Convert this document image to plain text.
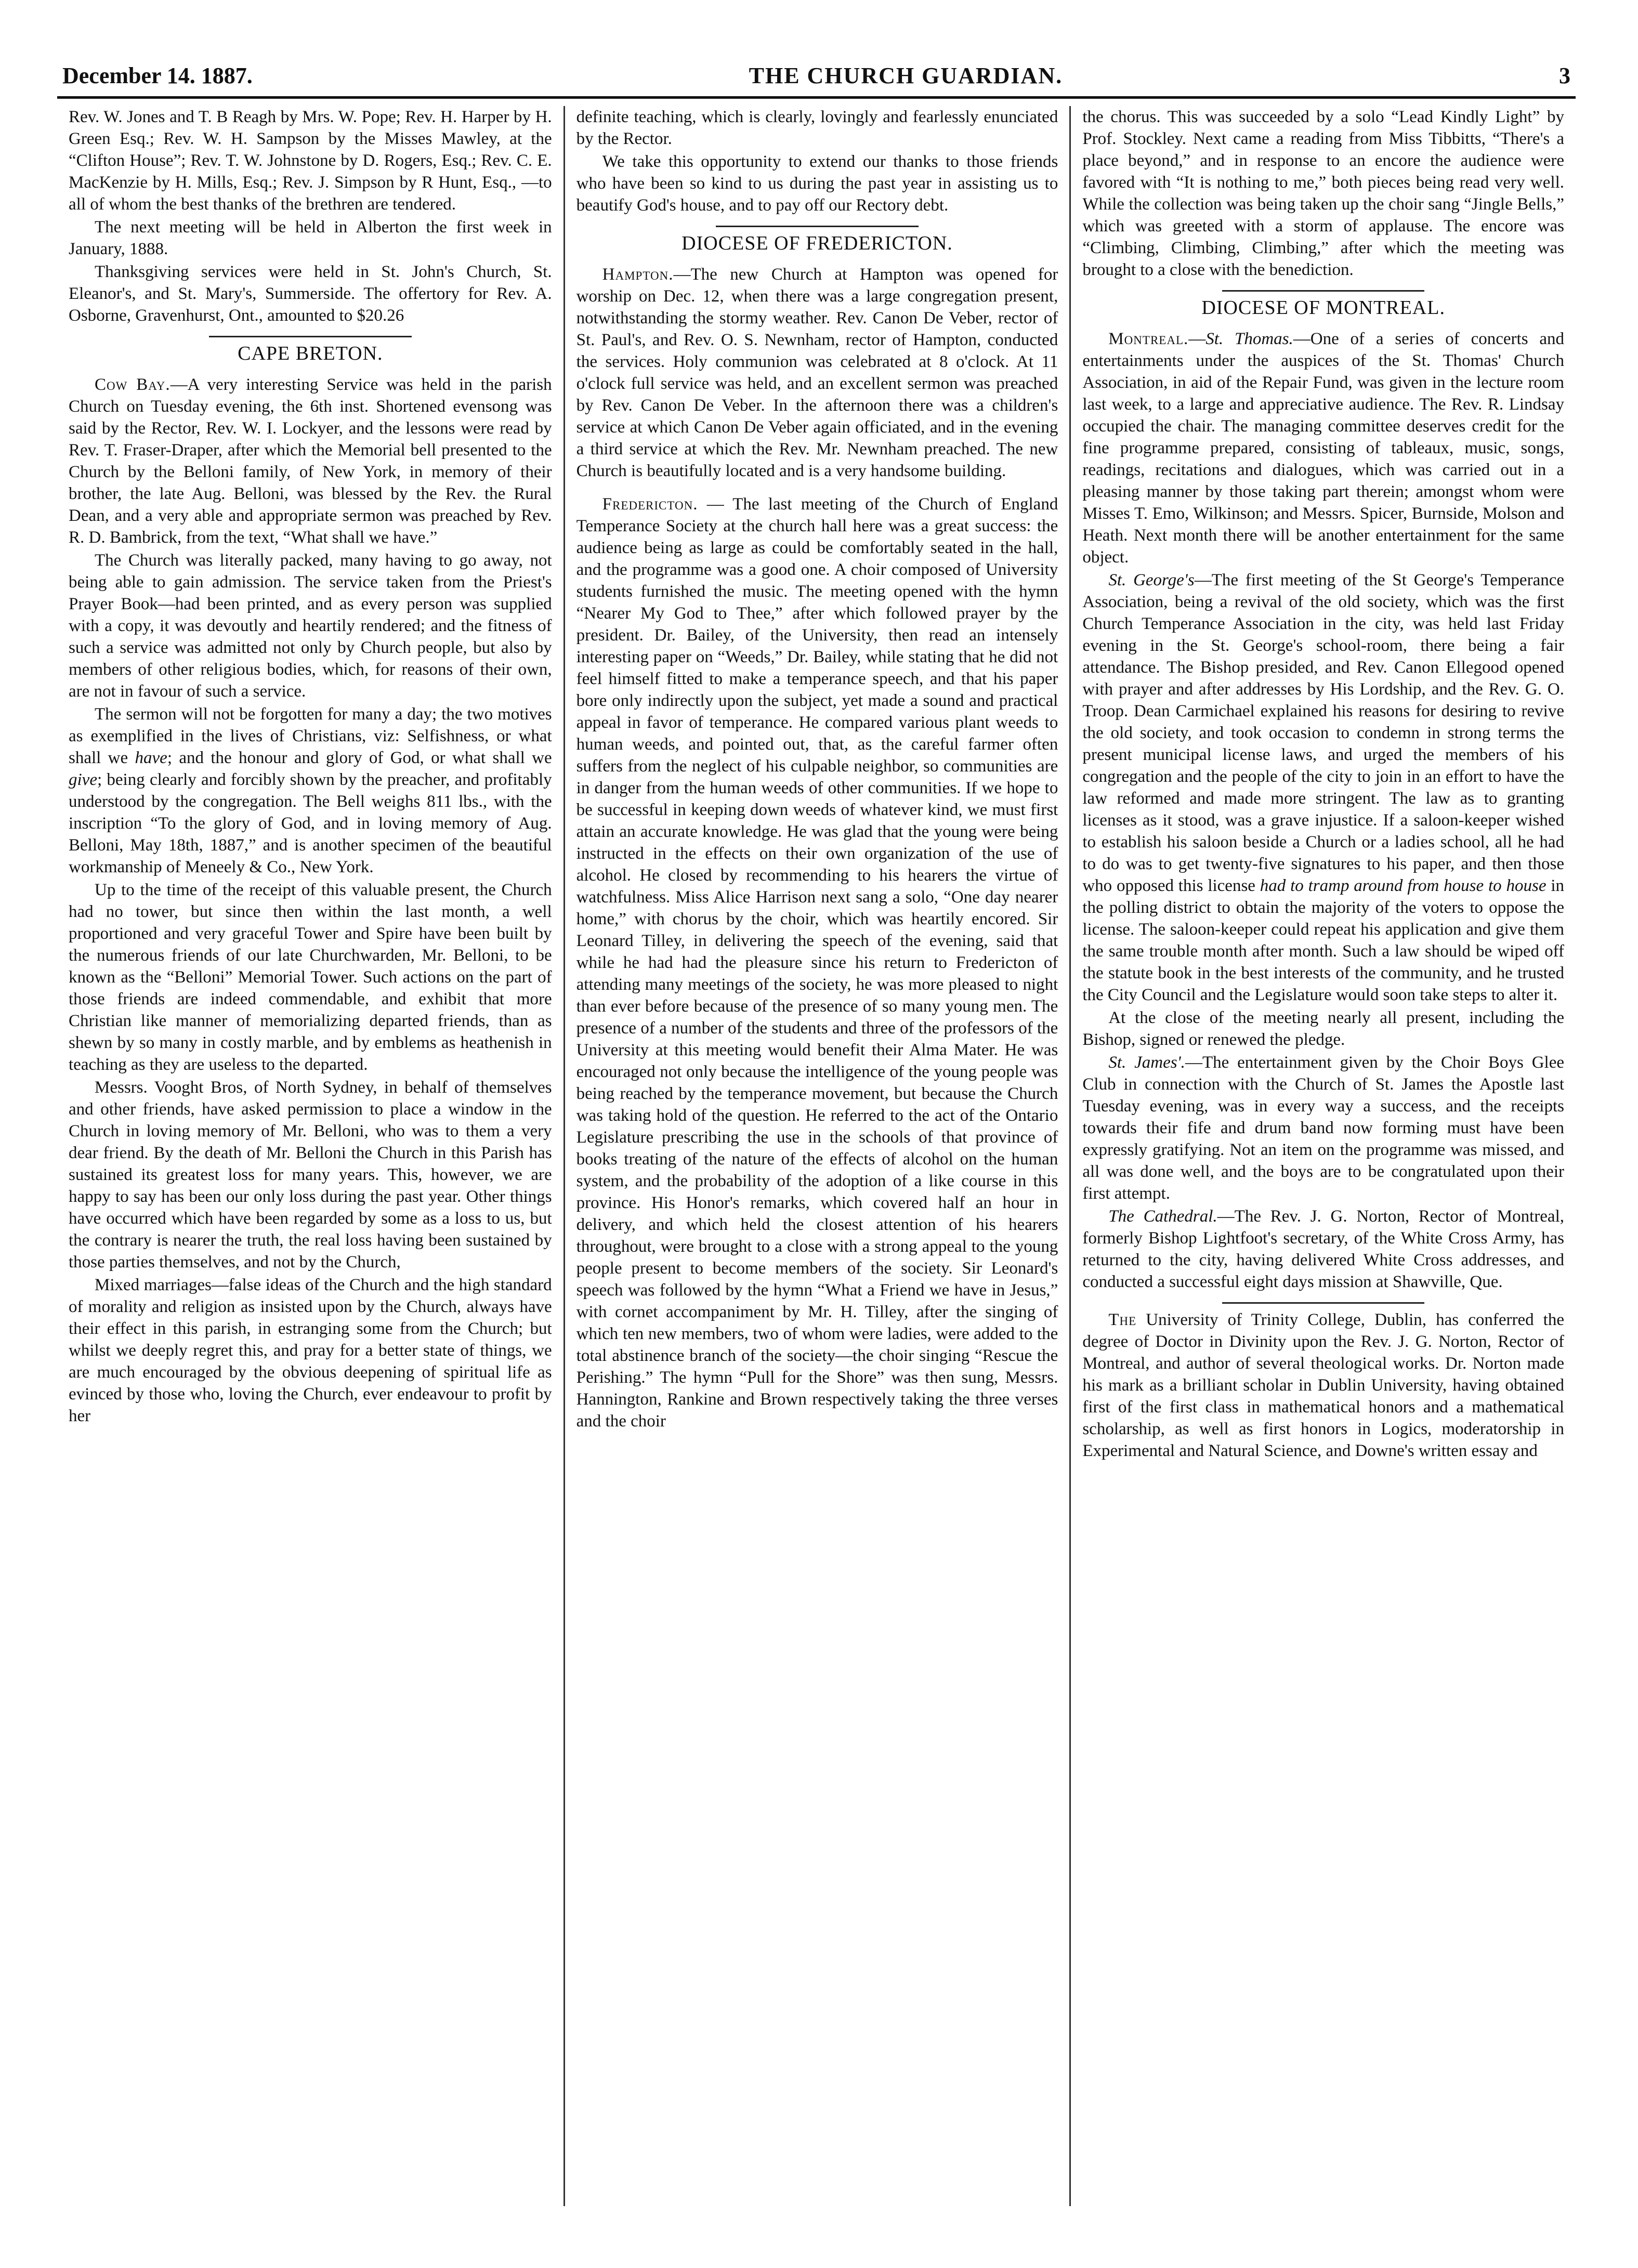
December 14. 1887.	THE CHURCH GUARDIAN.	3

Rev. W. Jones and T. B Reagh by Mrs. W. Pope; Rev. H. Harper by H. Green Esq.; Rev. W. H. Sampson by the Misses Mawley, at the “Clifton House”; Rev. T. W. Johnstone by D. Rogers, Esq.; Rev. C. E. MacKenzie by H. Mills, Esq.; Rev. J. Simpson by R Hunt, Esq., —to all of whom the best thanks of the brethren are tendered.

The next meeting will be held in Alberton the first week in January, 1888.

Thanksgiving services were held in St. John's Church, St. Eleanor's, and St. Mary's, Summerside. The offertory for Rev. A. Osborne, Gravenhurst, Ont., amounted to $20.26

CAPE BRETON.

Cow Bay.—A very interesting Service was held in the parish Church on Tuesday evening, the 6th inst. Shortened evensong was said by the Rector, Rev. W. I. Lockyer, and the lessons were read by Rev. T. Fraser-Draper, after which the Memorial bell presented to the Church by the Belloni family, of New York, in memory of their brother, the late Aug. Belloni, was blessed by the Rev. the Rural Dean, and a very able and appropriate sermon was preached by Rev. R. D. Bambrick, from the text, “What shall we have.”

The Church was literally packed, many having to go away, not being able to gain admission. The service taken from the Priest's Prayer Book—had been printed, and as every person was supplied with a copy, it was devoutly and heartily rendered; and the fitness of such a service was admitted not only by Church people, but also by members of other religious bodies, which, for reasons of their own, are not in favour of such a service.

The sermon will not be forgotten for many a day; the two motives as exemplified in the lives of Christians, viz: Selfishness, or what shall we have; and the honour and glory of God, or what shall we give; being clearly and forcibly shown by the preacher, and profitably understood by the congregation. The Bell weighs 811 lbs., with the inscription “To the glory of God, and in loving memory of Aug. Belloni, May 18th, 1887,” and is another specimen of the beautiful workmanship of Meneely & Co., New York.

Up to the time of the receipt of this valuable present, the Church had no tower, but since then within the last month, a well proportioned and very graceful Tower and Spire have been built by the numerous friends of our late Churchwarden, Mr. Belloni, to be known as the “Belloni” Memorial Tower. Such actions on the part of those friends are indeed commendable, and exhibit that more Christian like manner of memorializing departed friends, than as shewn by so many in costly marble, and by emblems as heathenish in teaching as they are useless to the departed.

Messrs. Vooght Bros, of North Sydney, in behalf of themselves and other friends, have asked permission to place a window in the Church in loving memory of Mr. Belloni, who was to them a very dear friend. By the death of Mr. Belloni the Church in this Parish has sustained its greatest loss for many years. This, however, we are happy to say has been our only loss during the past year. Other things have occurred which have been regarded by some as a loss to us, but the contrary is nearer the truth, the real loss having been sustained by those parties themselves, and not by the Church,

Mixed marriages—false ideas of the Church and the high standard of morality and religion as insisted upon by the Church, always have their effect in this parish, in estranging some from the Church; but whilst we deeply regret this, and pray for a better state of things, we are much encouraged by the obvious deepening of spiritual life as evinced by those who, loving the Church, ever endeavour to profit by her

definite teaching, which is clearly, lovingly and fearlessly enunciated by the Rector.

We take this opportunity to extend our thanks to those friends who have been so kind to us during the past year in assisting us to beautify God's house, and to pay off our Rectory debt.

DIOCESE OF FREDERICTON.

Hampton.—The new Church at Hampton was opened for worship on Dec. 12, when there was a large congregation present, notwithstanding the stormy weather. Rev. Canon De Veber, rector of St. Paul's, and Rev. O. S. Newnham, rector of Hampton, conducted the services. Holy communion was celebrated at 8 o'clock. At 11 o'clock full service was held, and an excellent sermon was preached by Rev. Canon De Veber. In the afternoon there was a children's service at which Canon De Veber again officiated, and in the evening a third service at which the Rev. Mr. Newnham preached. The new Church is beautifully located and is a very handsome building.

Fredericton. — The last meeting of the Church of England Temperance Society at the church hall here was a great success: the audience being as large as could be comfortably seated in the hall, and the programme was a good one. A choir composed of University students furnished the music. The meeting opened with the hymn “Nearer My God to Thee,” after which followed prayer by the president. Dr. Bailey, of the University, then read an intensely interesting paper on “Weeds,” Dr. Bailey, while stating that he did not feel himself fitted to make a temperance speech, and that his paper bore only indirectly upon the subject, yet made a sound and practical appeal in favor of temperance. He compared various plant weeds to human weeds, and pointed out, that, as the careful farmer often suffers from the neglect of his culpable neighbor, so communities are in danger from the human weeds of other communities. If we hope to be successful in keeping down weeds of whatever kind, we must first attain an accurate knowledge. He was glad that the young were being instructed in the effects on their own organization of the use of alcohol. He closed by recommending to his hearers the virtue of watchfulness. Miss Alice Harrison next sang a solo, “One day nearer home,” with chorus by the choir, which was heartily encored. Sir Leonard Tilley, in delivering the speech of the evening, said that while he had had the pleasure since his return to Fredericton of attending many meetings of the society, he was more pleased to night than ever before because of the presence of so many young men. The presence of a number of the students and three of the professors of the University at this meeting would benefit their Alma Mater. He was encouraged not only because the intelligence of the young people was being reached by the temperance movement, but because the Church was taking hold of the question. He referred to the act of the Ontario Legislature prescribing the use in the schools of that province of books treating of the nature of the effects of alcohol on the human system, and the probability of the adoption of a like course in this province. His Honor's remarks, which covered half an hour in delivery, and which held the closest attention of his hearers throughout, were brought to a close with a strong appeal to the young people present to become members of the society. Sir Leonard's speech was followed by the hymn “What a Friend we have in Jesus,” with cornet accompaniment by Mr. H. Tilley, after the singing of which ten new members, two of whom were ladies, were added to the total abstinence branch of the society—the choir singing “Rescue the Perishing.” The hymn “Pull for the Shore” was then sung, Messrs. Hannington, Rankine and Brown respectively taking the three verses and the choir

the chorus. This was succeeded by a solo “Lead Kindly Light” by Prof. Stockley. Next came a reading from Miss Tibbitts, “There's a place beyond,” and in response to an encore the audience were favored with “It is nothing to me,” both pieces being read very well. While the collection was being taken up the choir sang “Jingle Bells,” which was greeted with a storm of applause. The encore was “Climbing, Climbing, Climbing,” after which the meeting was brought to a close with the benediction.

DIOCESE OF MONTREAL.

Montreal.—St. Thomas.—One of a series of concerts and entertainments under the auspices of the St. Thomas' Church Association, in aid of the Repair Fund, was given in the lecture room last week, to a large and appreciative audience. The Rev. R. Lindsay occupied the chair. The managing committee deserves credit for the fine programme prepared, consisting of tableaux, music, songs, readings, recitations and dialogues, which was carried out in a pleasing manner by those taking part therein; amongst whom were Misses T. Emo, Wilkinson; and Messrs. Spicer, Burnside, Molson and Heath. Next month there will be another entertainment for the same object.

St. George's—The first meeting of the St George's Temperance Association, being a revival of the old society, which was the first Church Temperance Association in the city, was held last Friday evening in the St. George's school-room, there being a fair attendance. The Bishop presided, and Rev. Canon Ellegood opened with prayer and after addresses by His Lordship, and the Rev. G. O. Troop. Dean Carmichael explained his reasons for desiring to revive the old society, and took occasion to condemn in strong terms the present municipal license laws, and urged the members of his congregation and the people of the city to join in an effort to have the law reformed and made more stringent. The law as to granting licenses as it stood, was a grave injustice. If a saloon-keeper wished to establish his saloon beside a Church or a ladies school, all he had to do was to get twenty-five signatures to his paper, and then those who opposed this license had to tramp around from house to house in the polling district to obtain the majority of the voters to oppose the license. The saloon-keeper could repeat his application and give them the same trouble month after month. Such a law should be wiped off the statute book in the best interests of the community, and he trusted the City Council and the Legislature would soon take steps to alter it.

At the close of the meeting nearly all present, including the Bishop, signed or renewed the pledge.

St. James'.—The entertainment given by the Choir Boys Glee Club in connection with the Church of St. James the Apostle last Tuesday evening, was in every way a success, and the receipts towards their fife and drum band now forming must have been expressly gratifying. Not an item on the programme was missed, and all was done well, and the boys are to be congratulated upon their first attempt.

The Cathedral.—The Rev. J. G. Norton, Rector of Montreal, formerly Bishop Lightfoot's secretary, of the White Cross Army, has returned to the city, having delivered White Cross addresses, and conducted a successful eight days mission at Shawville, Que.

The University of Trinity College, Dublin, has conferred the degree of Doctor in Divinity upon the Rev. J. G. Norton, Rector of Montreal, and author of several theological works. Dr. Norton made his mark as a brilliant scholar in Dublin University, having obtained first of the first class in mathematical honors and a mathematical scholarship, as well as first honors in Logics, moderatorship in Experimental and Natural Science, and Downe's written essay and
